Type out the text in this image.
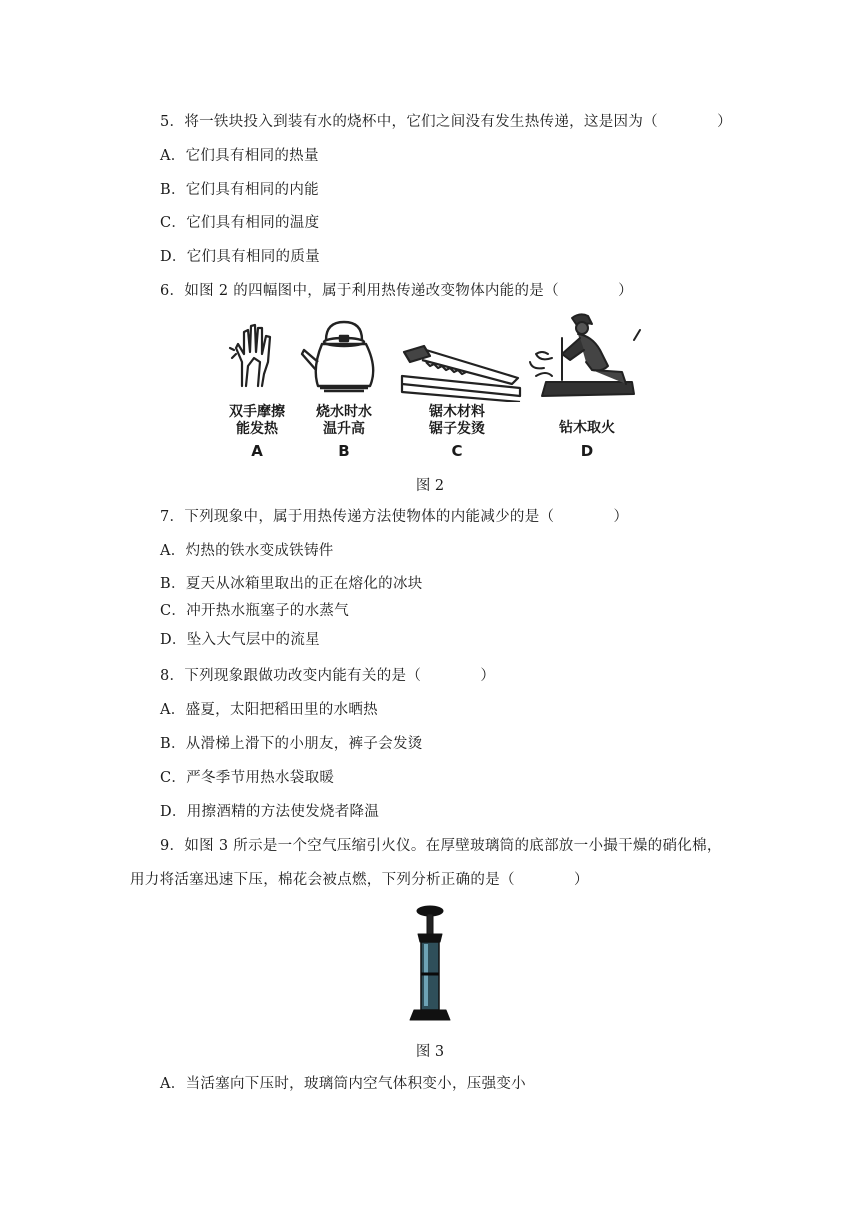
5．将一铁块投入到装有水的烧杯中，它们之间没有发生热传递，这是因为（　　　　）
A．它们具有相同的热量
B．它们具有相同的内能
C．它们具有相同的温度
D．它们具有相同的质量
6．如图 2 的四幅图中，属于利用热传递改变物体内能的是（　　　　）
双手摩擦
能发热
A
烧水时水
温升高
B
锯木材料
锯子发烫
C
钻木取火
D
图 2
7．下列现象中，属于用热传递方法使物体的内能减少的是（　　　　）
A．灼热的铁水变成铁铸件
B．夏天从冰箱里取出的正在熔化的冰块
C．冲开热水瓶塞子的水蒸气
D．坠入大气层中的流星
8．下列现象跟做功改变内能有关的是（　　　　）
A．盛夏，太阳把稻田里的水晒热
B．从滑梯上滑下的小朋友，裤子会发烫
C．严冬季节用热水袋取暖
D．用擦酒精的方法使发烧者降温
9．如图 3 所示是一个空气压缩引火仪。在厚壁玻璃筒的底部放一小撮干燥的硝化棉，
用力将活塞迅速下压，棉花会被点燃，下列分析正确的是（　　　　）
图 3
A．当活塞向下压时，玻璃筒内空气体积变小，压强变小
